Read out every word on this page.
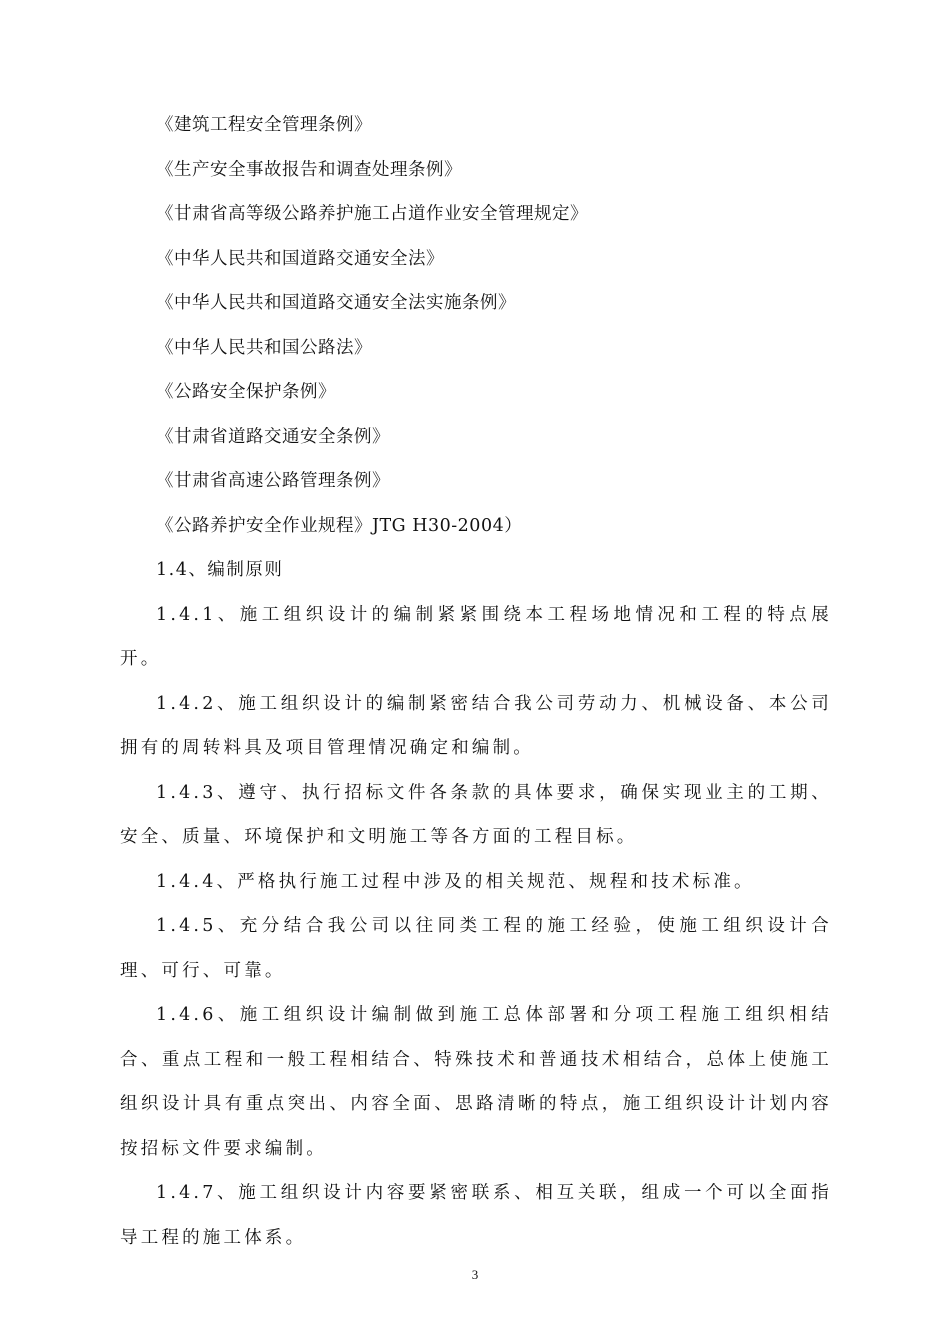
《建筑工程安全管理条例》
《生产安全事故报告和调查处理条例》
《甘肃省高等级公路养护施工占道作业安全管理规定》
《中华人民共和国道路交通安全法》
《中华人民共和国道路交通安全法实施条例》
《中华人民共和国公路法》
《公路安全保护条例》
《甘肃省道路交通安全条例》
《甘肃省高速公路管理条例》
《公路养护安全作业规程》JTG H30-2004）
1.4、编制原则

1.4.1、施工组织设计的编制紧紧围绕本工程场地情况和工程的特点展开。

1.4.2、施工组织设计的编制紧密结合我公司劳动力、机械设备、本公司拥有的周转料具及项目管理情况确定和编制。

1.4.3、遵守、执行招标文件各条款的具体要求，确保实现业主的工期、安全、质量、环境保护和文明施工等各方面的工程目标。

1.4.4、严格执行施工过程中涉及的相关规范、规程和技术标准。

1.4.5、充分结合我公司以往同类工程的施工经验，使施工组织设计合理、可行、可靠。

1.4.6、施工组织设计编制做到施工总体部署和分项工程施工组织相结合、重点工程和一般工程相结合、特殊技术和普通技术相结合，总体上使施工组织设计具有重点突出、内容全面、思路清晰的特点，施工组织设计计划内容按招标文件要求编制。

1.4.7、施工组织设计内容要紧密联系、相互关联，组成一个可以全面指导工程的施工体系。

3
